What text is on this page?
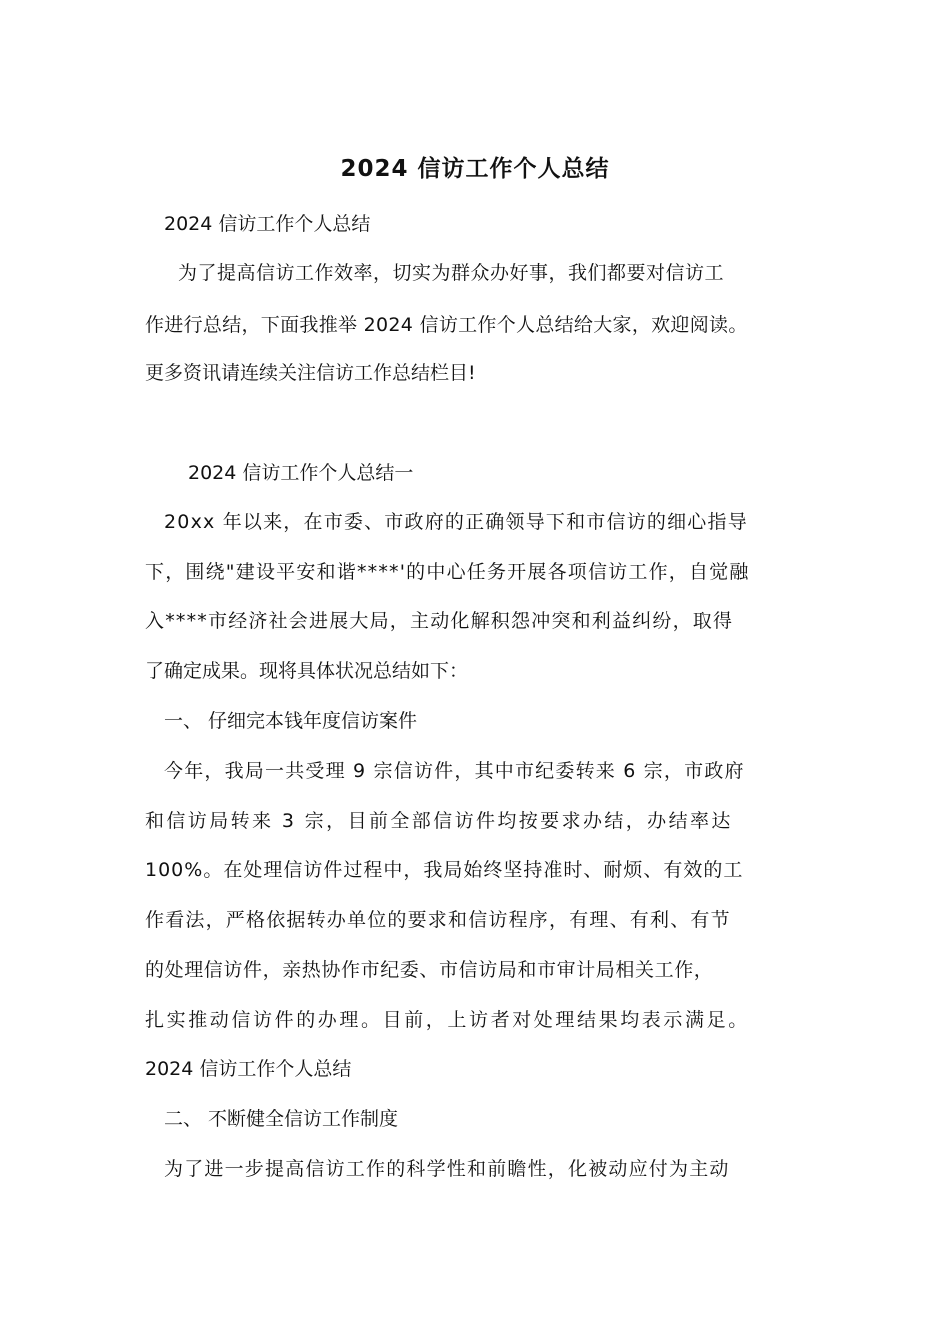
2024 信访工作个人总结

2024 信访工作个人总结

为了提高信访工作效率，切实为群众办好事，我们都要对信访工

作进行总结，下面我推举 2024 信访工作个人总结给大家，欢迎阅读。

更多资讯请连续关注信访工作总结栏目!

2024 信访工作个人总结一

20xx 年以来，在市委、市政府的正确领导下和市信访的细心指导

下，围绕"建设平安和谐****'的中心任务开展各项信访工作，自觉融

入****市经济社会进展大局，主动化解积怨冲突和利益纠纷，取得

了确定成果。现将具体状况总结如下：

一、 仔细完本钱年度信访案件

今年，我局一共受理 9 宗信访件，其中市纪委转来 6 宗，市政府

和信访局转来 3 宗，目前全部信访件均按要求办结，办结率达

100%。在处理信访件过程中，我局始终坚持准时、耐烦、有效的工

作看法，严格依据转办单位的要求和信访程序，有理、有利、有节

的处理信访件，亲热协作市纪委、市信访局和市审计局相关工作，

扎实推动信访件的办理。目前，上访者对处理结果均表示满足。

2024 信访工作个人总结

二、 不断健全信访工作制度

为了进一步提高信访工作的科学性和前瞻性，化被动应付为主动
